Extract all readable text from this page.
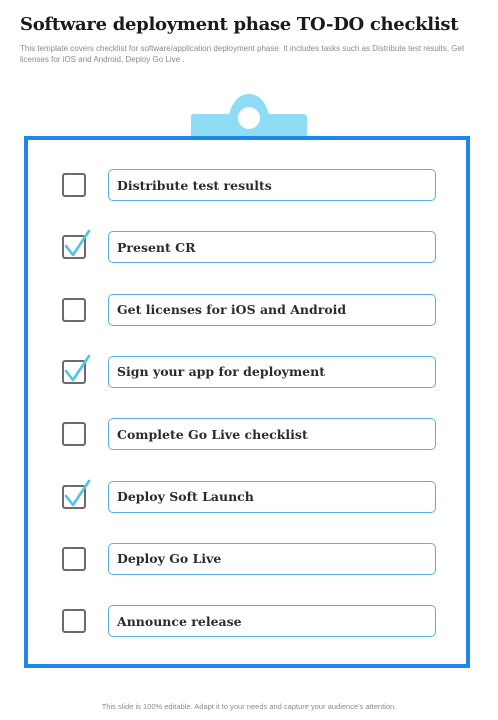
Software deployment phase TO-DO checklist
This template covers checklist for software/application deployment phase. It includes tasks such as Distribute test results, Get licenses for iOS and Android, Deploy Go Live .
Distribute test results
Present CR
Get licenses for iOS and Android
Sign your app for deployment
Complete Go Live checklist
Deploy Soft Launch
Deploy Go Live
Announce release
This slide is 100% editable. Adapt it to your needs and capture your audience's attention.
